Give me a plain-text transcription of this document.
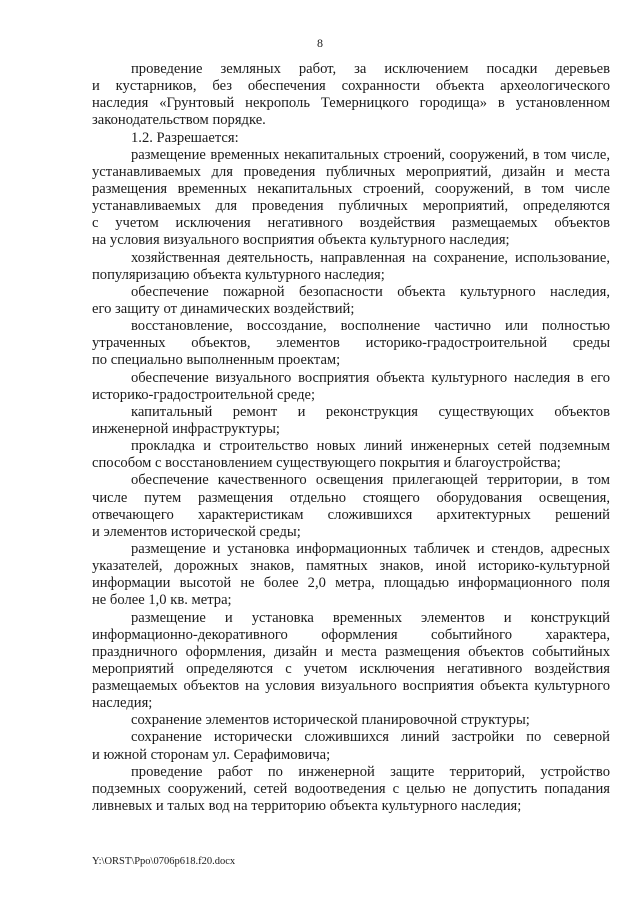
8
проведение земляных работ, за исключением посадки деревьев
и кустарников, без обеспечения сохранности объекта археологического
наследия «Грунтовый некрополь Темерницкого городища» в установленном
законодательством порядке.
1.2. Разрешается:
размещение временных некапитальных строений, сооружений, в том числе,
устанавливаемых для проведения публичных мероприятий, дизайн и места
размещения временных некапитальных строений, сооружений, в том числе
устанавливаемых для проведения публичных мероприятий, определяются
с учетом исключения негативного воздействия размещаемых объектов
на условия визуального восприятия объекта культурного наследия;
хозяйственная деятельность, направленная на сохранение, использование,
популяризацию объекта культурного наследия;
обеспечение пожарной безопасности объекта культурного наследия,
его защиту от динамических воздействий;
восстановление, воссоздание, восполнение частично или полностью
утраченных объектов, элементов историко-градостроительной среды
по специально выполненным проектам;
обеспечение визуального восприятия объекта культурного наследия в его
историко-градостроительной среде;
капитальный ремонт и реконструкция существующих объектов
инженерной инфраструктуры;
прокладка и строительство новых линий инженерных сетей подземным
способом с восстановлением существующего покрытия и благоустройства;
обеспечение качественного освещения прилегающей территории, в том
числе путем размещения отдельно стоящего оборудования освещения,
отвечающего характеристикам сложившихся архитектурных решений
и элементов исторической среды;
размещение и установка информационных табличек и стендов, адресных
указателей, дорожных знаков, памятных знаков, иной историко-культурной
информации высотой не более 2,0 метра, площадью информационного поля
не более 1,0 кв. метра;
размещение и установка временных элементов и конструкций
информационно-декоративного оформления событийного характера,
праздничного оформления, дизайн и места размещения объектов событийных
мероприятий определяются с учетом исключения негативного воздействия
размещаемых объектов на условия визуального восприятия объекта культурного
наследия;
сохранение элементов исторической планировочной структуры;
сохранение исторически сложившихся линий застройки по северной
и южной сторонам ул. Серафимовича;
проведение работ по инженерной защите территорий, устройство
подземных сооружений, сетей водоотведения с целью не допустить попадания
ливневых и талых вод на территорию объекта культурного наследия;
Y:\ORST\Ppo\0706p618.f20.docx
